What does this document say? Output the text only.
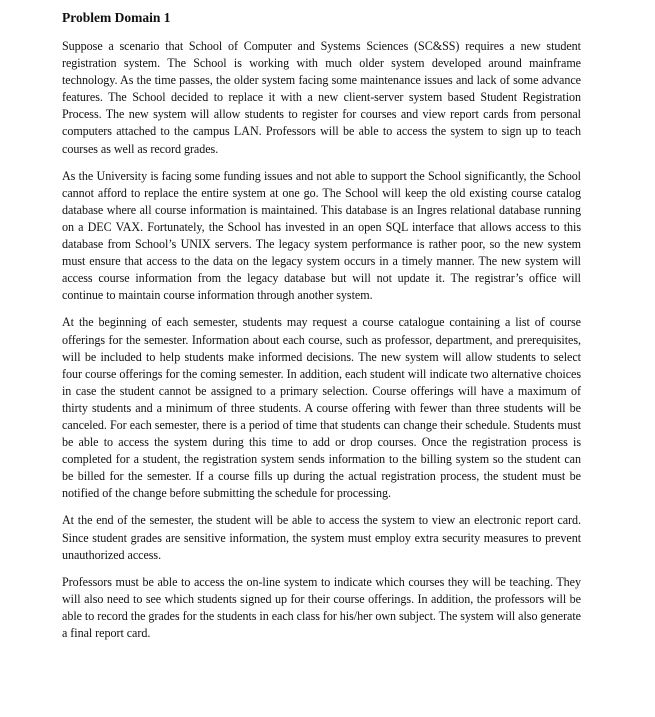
Problem Domain 1

Suppose a scenario that School of Computer and Systems Sciences (SC&SS) requires a new student registration system. The School is working with much older system developed around mainframe technology. As the time passes, the older system facing some maintenance issues and lack of some advance features. The School decided to replace it with a new client-server system based Student Registration Process. The new system will allow students to register for courses and view report cards from personal computers attached to the campus LAN. Professors will be able to access the system to sign up to teach courses as well as record grades.

As the University is facing some funding issues and not able to support the School significantly, the School cannot afford to replace the entire system at one go. The School will keep the old existing course catalog database where all course information is maintained. This database is an Ingres relational database running on a DEC VAX. Fortunately, the School has invested in an open SQL interface that allows access to this database from School’s UNIX servers. The legacy system performance is rather poor, so the new system must ensure that access to the data on the legacy system occurs in a timely manner. The new system will access course information from the legacy database but will not update it. The registrar’s office will continue to maintain course information through another system.

At the beginning of each semester, students may request a course catalogue containing a list of course offerings for the semester. Information about each course, such as professor, department, and prerequisites, will be included to help students make informed decisions. The new system will allow students to select four course offerings for the coming semester. In addition, each student will indicate two alternative choices in case the student cannot be assigned to a primary selection. Course offerings will have a maximum of thirty students and a minimum of three students. A course offering with fewer than three students will be canceled. For each semester, there is a period of time that students can change their schedule. Students must be able to access the system during this time to add or drop courses. Once the registration process is completed for a student, the registration system sends information to the billing system so the student can be billed for the semester. If a course fills up during the actual registration process, the student must be notified of the change before submitting the schedule for processing.

At the end of the semester, the student will be able to access the system to view an electronic report card. Since student grades are sensitive information, the system must employ extra security measures to prevent unauthorized access.

Professors must be able to access the on-line system to indicate which courses they will be teaching. They will also need to see which students signed up for their course offerings. In addition, the professors will be able to record the grades for the students in each class for his/her own subject. The system will also generate a final report card.
